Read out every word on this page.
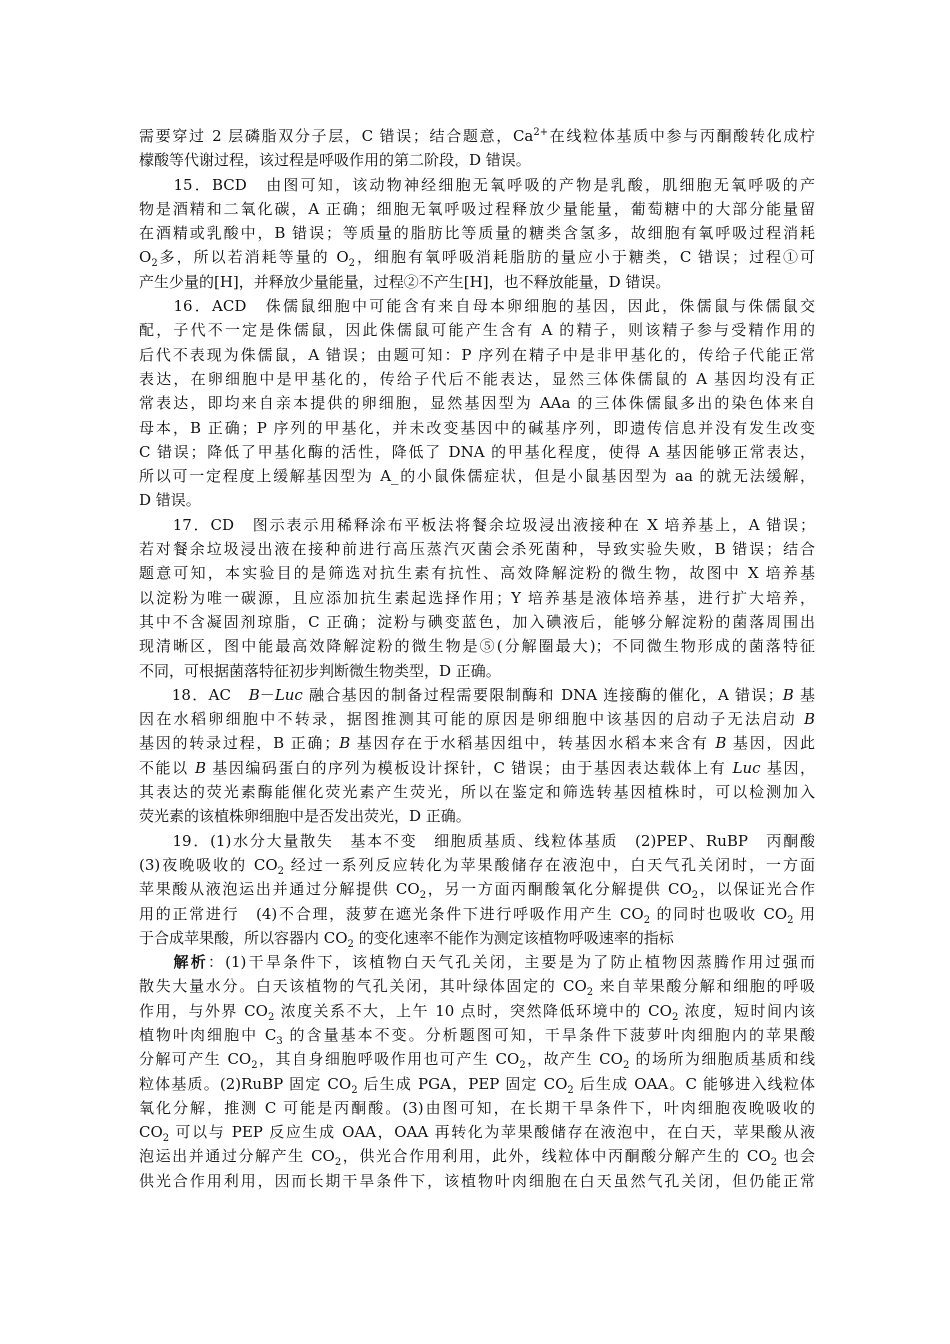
需要穿过 2 层磷脂双分子层，C 错误；结合题意，$Ca^{2+}$在线粒体基质中参与丙酮酸转化成柠
檬酸等代谢过程，该过程是呼吸作用的第二阶段，D 错误。
　　15．BCD　由图可知，该动物神经细胞无氧呼吸的产物是乳酸，肌细胞无氧呼吸的产
物是酒精和二氧化碳，A 正确；细胞无氧呼吸过程释放少量能量，葡萄糖中的大部分能量留
在酒精或乳酸中，B 错误；等质量的脂肪比等质量的糖类含氢多，故细胞有氧呼吸过程消耗
$O_2$多，所以若消耗等量的 $O_2$，细胞有氧呼吸消耗脂肪的量应小于糖类，C 错误；过程①可
产生少量的[H]，并释放少量能量，过程②不产生[H]，也不释放能量，D 错误。
　　16．ACD　侏儒鼠细胞中可能含有来自母本卵细胞的基因，因此，侏儒鼠与侏儒鼠交
配，子代不一定是侏儒鼠，因此侏儒鼠可能产生含有 A 的精子，则该精子参与受精作用的
后代不表现为侏儒鼠，A 错误；由题可知：P 序列在精子中是非甲基化的，传给子代能正常
表达，在卵细胞中是甲基化的，传给子代后不能表达，显然三体侏儒鼠的 A 基因均没有正
常表达，即均来自亲本提供的卵细胞，显然基因型为 AAa 的三体侏儒鼠多出的染色体来自
母本，B 正确；P 序列的甲基化，并未改变基因中的碱基序列，即遗传信息并没有发生改变
C 错误；降低了甲基化酶的活性，降低了 DNA 的甲基化程度，使得 A 基因能够正常表达，
所以可一定程度上缓解基因型为 A_的小鼠侏儒症状，但是小鼠基因型为 aa 的就无法缓解，
D 错误。
　　17．CD　图示表示用稀释涂布平板法将餐余垃圾浸出液接种在 X 培养基上，A 错误；
若对餐余垃圾浸出液在接种前进行高压蒸汽灭菌会杀死菌种，导致实验失败，B 错误；结合
题意可知，本实验目的是筛选对抗生素有抗性、高效降解淀粉的微生物，故图中 X 培养基
以淀粉为唯一碳源，且应添加抗生素起选择作用；Y 培养基是液体培养基，进行扩大培养，
其中不含凝固剂琼脂，C 正确；淀粉与碘变蓝色，加入碘液后，能够分解淀粉的菌落周围出
现清晰区，图中能最高效降解淀粉的微生物是⑤(分解圈最大)；不同微生物形成的菌落特征
不同，可根据菌落特征初步判断微生物类型，D 正确。
　　18．AC　B－Luc 融合基因的制备过程需要限制酶和 DNA 连接酶的催化，A 错误；B 基
因在水稻卵细胞中不转录，据图推测其可能的原因是卵细胞中该基因的启动子无法启动 B
基因的转录过程，B 正确；B 基因存在于水稻基因组中，转基因水稻本来含有 B 基因，因此
不能以 B 基因编码蛋白的序列为模板设计探针，C 错误；由于基因表达载体上有 Luc 基因，
其表达的荧光素酶能催化荧光素产生荧光，所以在鉴定和筛选转基因植株时，可以检测加入
荧光素的该植株卵细胞中是否发出荧光，D 正确。
　　19．(1)水分大量散失　基本不变　细胞质基质、线粒体基质　(2)PEP、RuBP　丙酮酸
(3)夜晚吸收的 $CO_2$ 经过一系列反应转化为苹果酸储存在液泡中，白天气孔关闭时，一方面
苹果酸从液泡运出并通过分解提供 $CO_2$，另一方面丙酮酸氧化分解提供 $CO_2$，以保证光合作
用的正常进行　(4)不合理，菠萝在遮光条件下进行呼吸作用产生 $CO_2$ 的同时也吸收 $CO_2$ 用
于合成苹果酸，所以容器内 $CO_2$ 的变化速率不能作为测定该植物呼吸速率的指标
　　解析：(1)干旱条件下，该植物白天气孔关闭，主要是为了防止植物因蒸腾作用过强而
散失大量水分。白天该植物的气孔关闭，其叶绿体固定的 $CO_2$ 来自苹果酸分解和细胞的呼吸
作用，与外界 $CO_2$ 浓度关系不大，上午 10 点时，突然降低环境中的 $CO_2$ 浓度，短时间内该
植物叶肉细胞中 $C_3$ 的含量基本不变。分析题图可知，干旱条件下菠萝叶肉细胞内的苹果酸
分解可产生 $CO_2$，其自身细胞呼吸作用也可产生 $CO_2$，故产生 $CO_2$ 的场所为细胞质基质和线
粒体基质。(2)RuBP 固定 $CO_2$ 后生成 PGA，PEP 固定 $CO_2$ 后生成 OAA。C 能够进入线粒体
氧化分解，推测 C 可能是丙酮酸。(3)由图可知，在长期干旱条件下，叶肉细胞夜晚吸收的
$CO_2$ 可以与 PEP 反应生成 OAA，OAA 再转化为苹果酸储存在液泡中，在白天，苹果酸从液
泡运出并通过分解产生 $CO_2$，供光合作用利用，此外，线粒体中丙酮酸分解产生的 $CO_2$ 也会
供光合作用利用，因而长期干旱条件下，该植物叶肉细胞在白天虽然气孔关闭，但仍能正常
